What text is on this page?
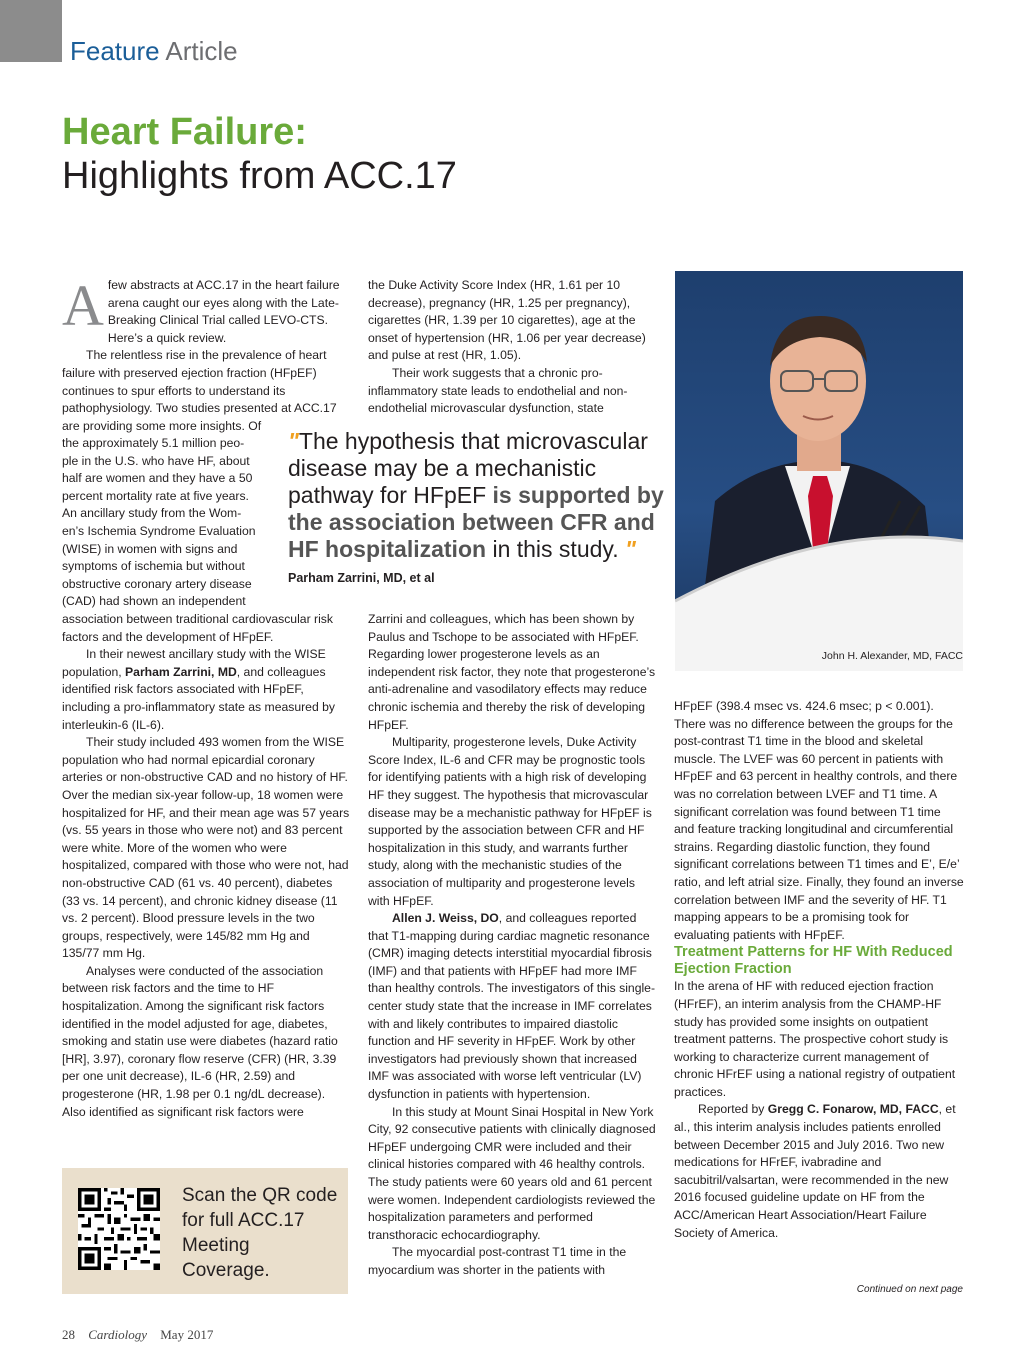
Feature Article
Heart Failure:
Highlights from ACC.17
A few abstracts at ACC.17 in the heart failure arena caught our eyes along with the Late-Breaking Clinical Trial called LEVO-CTS. Here’s a quick review.

The relentless rise in the prevalence of heart failure with preserved ejection fraction (HFpEF) continues to spur efforts to understand its pathophysiology. Two studies presented at ACC.17 are providing some more insights. Of

the approximately 5.1 million peo-
ple in the U.S. who have HF, about
half are women and they have a 50
percent mortality rate at five years.
An ancillary study from the Wom-
en’s Ischemia Syndrome Evaluation
(WISE) in women with signs and
symptoms of ischemia but without
obstructive coronary artery disease
(CAD) had shown an independent

association between traditional cardiovascular risk factors and the development of HFpEF.

In their newest ancillary study with the WISE population, Parham Zarrini, MD, and colleagues identified risk factors associated with HFpEF, including a pro-inflammatory state as measured by interleukin-6 (IL-6).

Their study included 493 women from the WISE population who had normal epicardial coronary arteries or non-obstructive CAD and no history of HF. Over the median six-year follow-up, 18 women were hospitalized for HF, and their mean age was 57 years (vs. 55 years in those who were not) and 83 percent were white. More of the women who were hospitalized, compared with those who were not, had non-obstructive CAD (61 vs. 40 percent), diabetes (33 vs. 14 percent), and chronic kidney disease (11 vs. 2 percent). Blood pressure levels in the two groups, respectively, were 145/82 mm Hg and 135/77 mm Hg.

Analyses were conducted of the association between risk factors and the time to HF hospitalization. Among the significant risk factors identified in the model adjusted for age, diabetes, smoking and statin use were diabetes (hazard ratio [HR], 3.97), coronary flow reserve (CFR) (HR, 3.39 per one unit decrease), IL-6 (HR, 2.59) and progesterone (HR, 1.98 per 0.1 ng/dL decrease). Also identified as significant risk factors were

the Duke Activity Score Index (HR, 1.61 per 10 decrease), pregnancy (HR, 1.25 per pregnancy), cigarettes (HR, 1.39 per 10 cigarettes), age at the onset of hypertension (HR, 1.06 per year decrease) and pulse at rest (HR, 1.05).

Their work suggests that a chronic pro-inflammatory state leads to endothelial and non-endothelial microvascular dysfunction, state

"The hypothesis that microvascular disease may be a mechanistic pathway for HFpEF is supported by the association between CFR and HF hospitalization in this study. "
Parham Zarrini, MD, et al

Zarrini and colleagues, which has been shown by Paulus and Tschope to be associated with HFpEF. Regarding lower progesterone levels as an independent risk factor, they note that progesterone’s anti-adrenaline and vasodilatory effects may reduce chronic ischemia and thereby the risk of developing HFpEF.

Multiparity, progesterone levels, Duke Activity Score Index, IL-6 and CFR may be prognostic tools for identifying patients with a high risk of developing HF they suggest. The hypothesis that microvascular disease may be a mechanistic pathway for HFpEF is supported by the association between CFR and HF hospitalization in this study, and warrants further study, along with the mechanistic studies of the association of multiparity and progesterone levels with HFpEF.

Allen J. Weiss, DO, and colleagues reported that T1-mapping during cardiac magnetic resonance (CMR) imaging detects interstitial myocardial fibrosis (IMF) and that patients with HFpEF had more IMF than healthy controls. The investigators of this single-center study state that the increase in IMF correlates with and likely contributes to impaired diastolic function and HF severity in HFpEF. Work by other investigators had previously shown that increased IMF was associated with worse left ventricular (LV) dysfunction in patients with hypertension.

In this study at Mount Sinai Hospital in New York City, 92 consecutive patients with clinically diagnosed HFpEF undergoing CMR were included and their clinical histories compared with 46 healthy controls. The study patients were 60 years old and 61 percent were women. Independent cardiologists reviewed the hospitalization parameters and performed transthoracic echocardiography.

The myocardial post-contrast T1 time in the myocardium was shorter in the patients with

John H. Alexander, MD, FACC

HFpEF (398.4 msec vs. 424.6 msec; p < 0.001). There was no difference between the groups for the post-contrast T1 time in the blood and skeletal muscle. The LVEF was 60 percent in patients with HFpEF and 63 percent in healthy controls, and there was no correlation between LVEF and T1 time. A significant correlation was found between T1 time and feature tracking longitudinal and circumferential strains. Regarding diastolic function, they found significant correlations between T1 times and E’, E/e’ ratio, and left atrial size. Finally, they found an inverse correlation between IMF and the severity of HF. T1 mapping appears to be a promising took for evaluating patients with HFpEF.

Treatment Patterns for HF With Reduced Ejection Fraction

In the arena of HF with reduced ejection fraction (HFrEF), an interim analysis from the CHAMP-HF study has provided some insights on outpatient treatment patterns. The prospective cohort study is working to characterize current management of chronic HFrEF using a national registry of outpatient practices.

Reported by Gregg C. Fonarow, MD, FACC, et al., this interim analysis includes patients enrolled between December 2015 and July 2016. Two new medications for HFrEF, ivabradine and sacubitril/valsartan, were recommended in the new 2016 focused guideline update on HF from the ACC/American Heart Association/Heart Failure Society of America.

Continued on next page
Scan the QR code for full ACC.17 Meeting Coverage.
28 Cardiology May 2017
